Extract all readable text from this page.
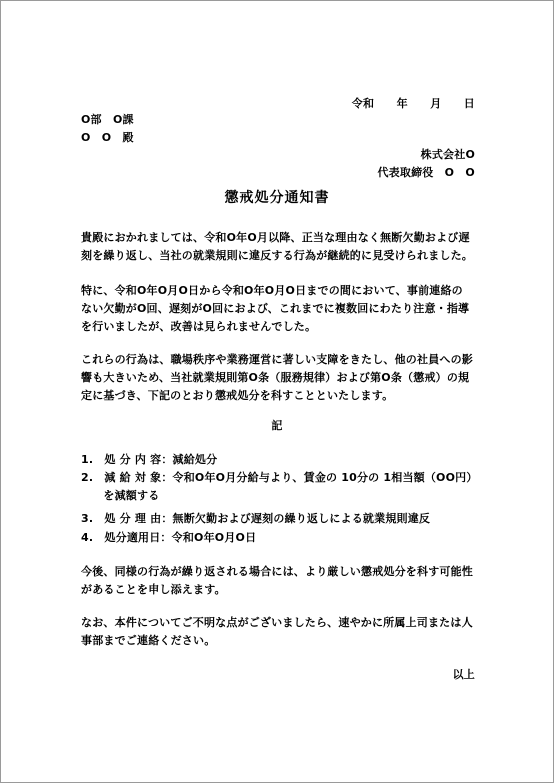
令和　　年　　月　　日
O部　O課
O　O　殿
株式会社O
代表取締役　O　O
懲戒処分通知書
貴殿におかれましては、令和O年O月以降、正当な理由なく無断欠勤および遅
刻を繰り返し、当社の就業規則に違反する行為が継続的に見受けられました。
特に、令和O年O月O日から令和O年O月O日までの間において、事前連絡の
ない欠勤がO回、遅刻がO回におよび、これまでに複数回にわたり注意・指導
を行いましたが、改善は見られませんでした。
これらの行為は、職場秩序や業務運営に著しい支障をきたし、他の社員への影
響も大きいため、当社就業規則第O条（服務規律）および第O条（懲戒）の規
定に基づき、下記のとおり懲戒処分を科すことといたします。
記
1.　処 分 内 容：減給処分
2.　減 給 対 象：令和O年O月分給与より、賃金の 10分の 1相当額（OO円）
　　を減額する
3.　処 分 理 由：無断欠勤および遅刻の繰り返しによる就業規則違反
4.　処分適用日：令和O年O月O日
今後、同様の行為が繰り返される場合には、より厳しい懲戒処分を科す可能性
があることを申し添えます。
なお、本件についてご不明な点がございましたら、速やかに所属上司または人
事部までご連絡ください。
以上
